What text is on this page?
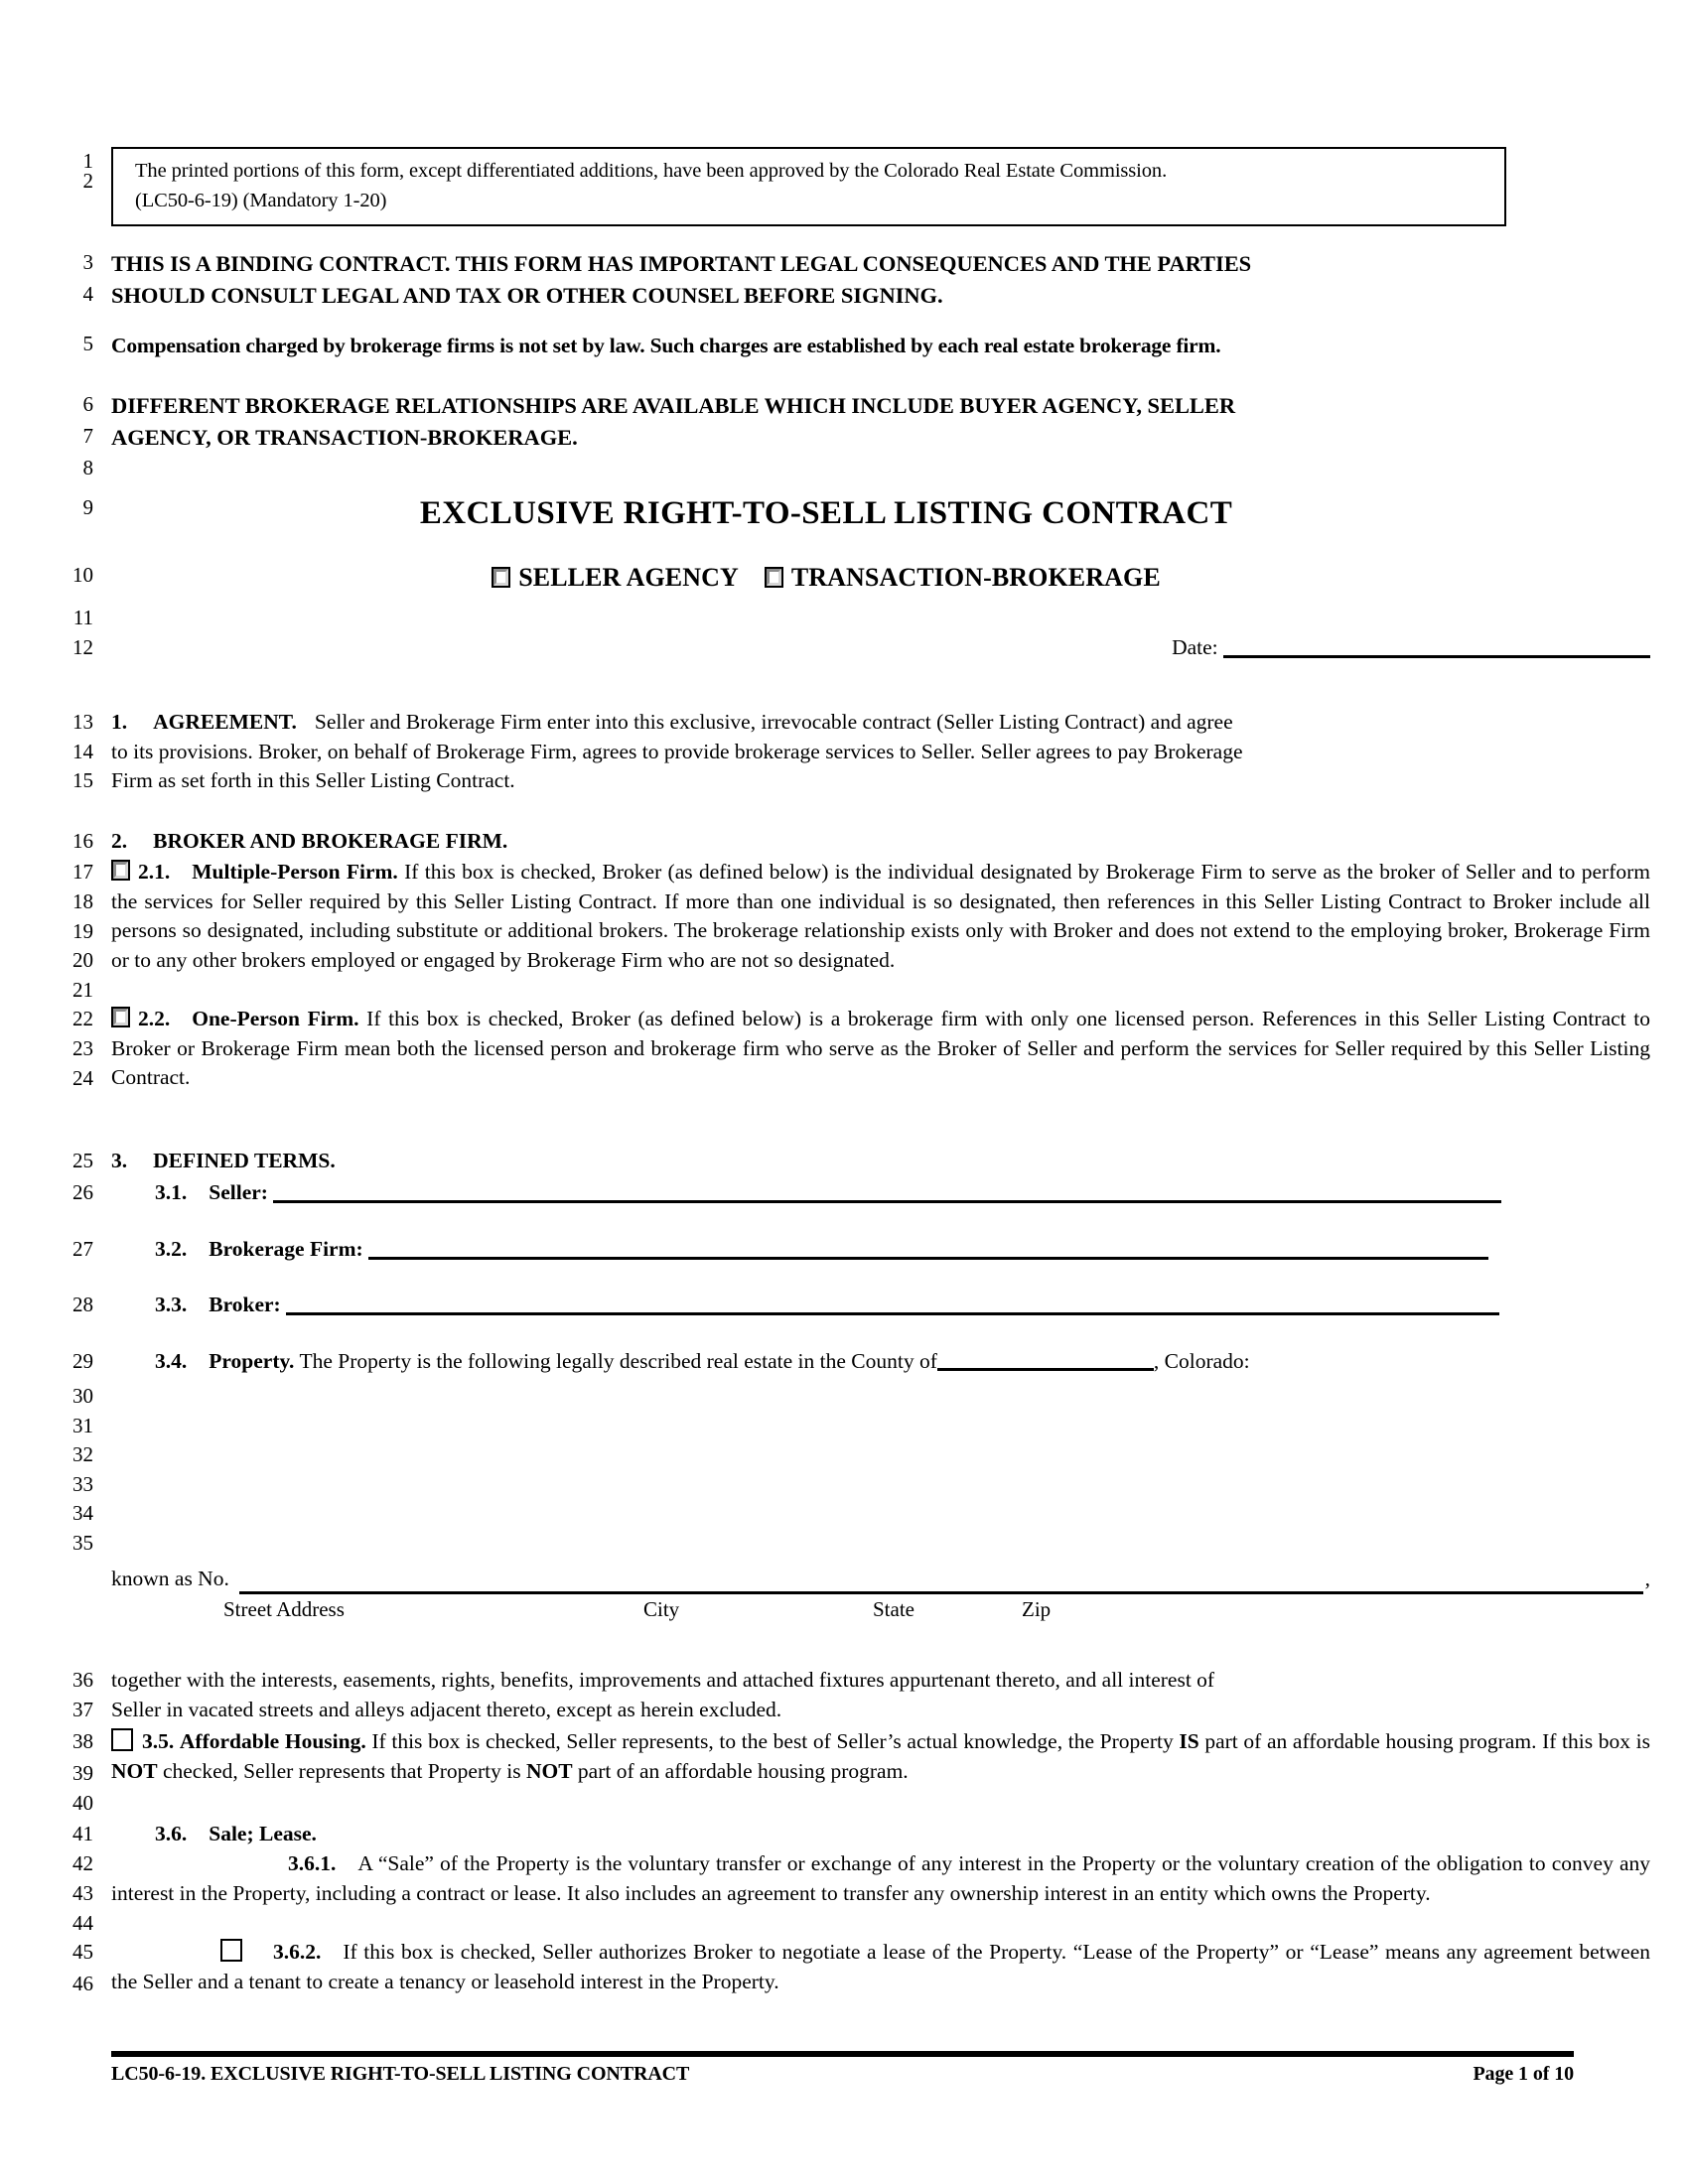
1	The printed portions of this form, except differentiated additions, have been approved by the Colorado Real Estate Commission.

(LC50-6-19) (Mandatory 1-20)

2
3 THIS IS A BINDING CONTRACT. THIS FORM HAS IMPORTANT LEGAL CONSEQUENCES AND THE PARTIES
4 SHOULD CONSULT LEGAL AND TAX OR OTHER COUNSEL BEFORE SIGNING.
5 Compensation charged by brokerage firms is not set by law. Such charges are established by each real estate brokerage firm.
6 DIFFERENT BROKERAGE RELATIONSHIPS ARE AVAILABLE WHICH INCLUDE BUYER AGENCY, SELLER
7 AGENCY, OR TRANSACTION-BROKERAGE.
8
9	EXCLUSIVE RIGHT-TO-SELL LISTING CONTRACT
10	SELLER AGENCY TRANSACTION-BROKERAGE
11
12	Date:
13 1. AGREEMENT. Seller and Brokerage Firm enter into this exclusive, irrevocable contract (Seller Listing Contract) and agree
14 to its provisions. Broker, on behalf of Brokerage Firm, agrees to provide brokerage services to Seller. Seller agrees to pay Brokerage
15 Firm as set forth in this Seller Listing Contract.
16 2. BROKER AND BROKERAGE FIRM.
17	2.1. Multiple-Person Firm. If this box is checked, Broker (as defined below) is the individual designated by Brokerage Firm to serve as the broker of Seller and to perform the services for Seller required by this Seller Listing Contract. If more than one individual is so designated, then references in this Seller Listing Contract to Broker include all persons so designated, including substitute or additional brokers. The brokerage relationship exists only with Broker and does not extend to the employing broker, Brokerage Firm or to any other brokers employed or engaged by Brokerage Firm who are not so designated.
18
19
20
21
22	2.2. One-Person Firm. If this box is checked, Broker (as defined below) is a brokerage firm with only one licensed person. References in this Seller Listing Contract to Broker or Brokerage Firm mean both the licensed person and brokerage firm who serve as the Broker of Seller and perform the services for Seller required by this Seller Listing Contract.
23
24
25 3. DEFINED TERMS.
26	3.1. Seller:
27	3.2. Brokerage Firm:
28	3.3. Broker:
29	3.4. Property. The Property is the following legally described real estate in the County of	, Colorado:
30
31
32
33
34
35
known as No.	,
Street Address	City	State	Zip
36 together with the interests, easements, rights, benefits, improvements and attached fixtures appurtenant thereto, and all interest of
37 Seller in vacated streets and alleys adjacent thereto, except as herein excluded.
38	3.5. Affordable Housing. If this box is checked, Seller represents, to the best of Seller’s actual knowledge, the Property IS part of an affordable housing program. If this box is NOT checked, Seller represents that Property is NOT part of an affordable housing program.
39
40
41	3.6. Sale; Lease.
42	3.6.1. A “Sale” of the Property is the voluntary transfer or exchange of any interest in the Property or the voluntary creation of the obligation to convey any interest in the Property, including a contract or lease. It also includes an agreement to transfer any ownership interest in an entity which owns the Property.
43
44
45	3.6.2. If this box is checked, Seller authorizes Broker to negotiate a lease of the Property. “Lease of the Property” or “Lease” means any agreement between the Seller and a tenant to create a tenancy or leasehold interest in the Property.
46
LC50-6-19. EXCLUSIVE RIGHT-TO-SELL LISTING CONTRACT	Page 1 of 10
